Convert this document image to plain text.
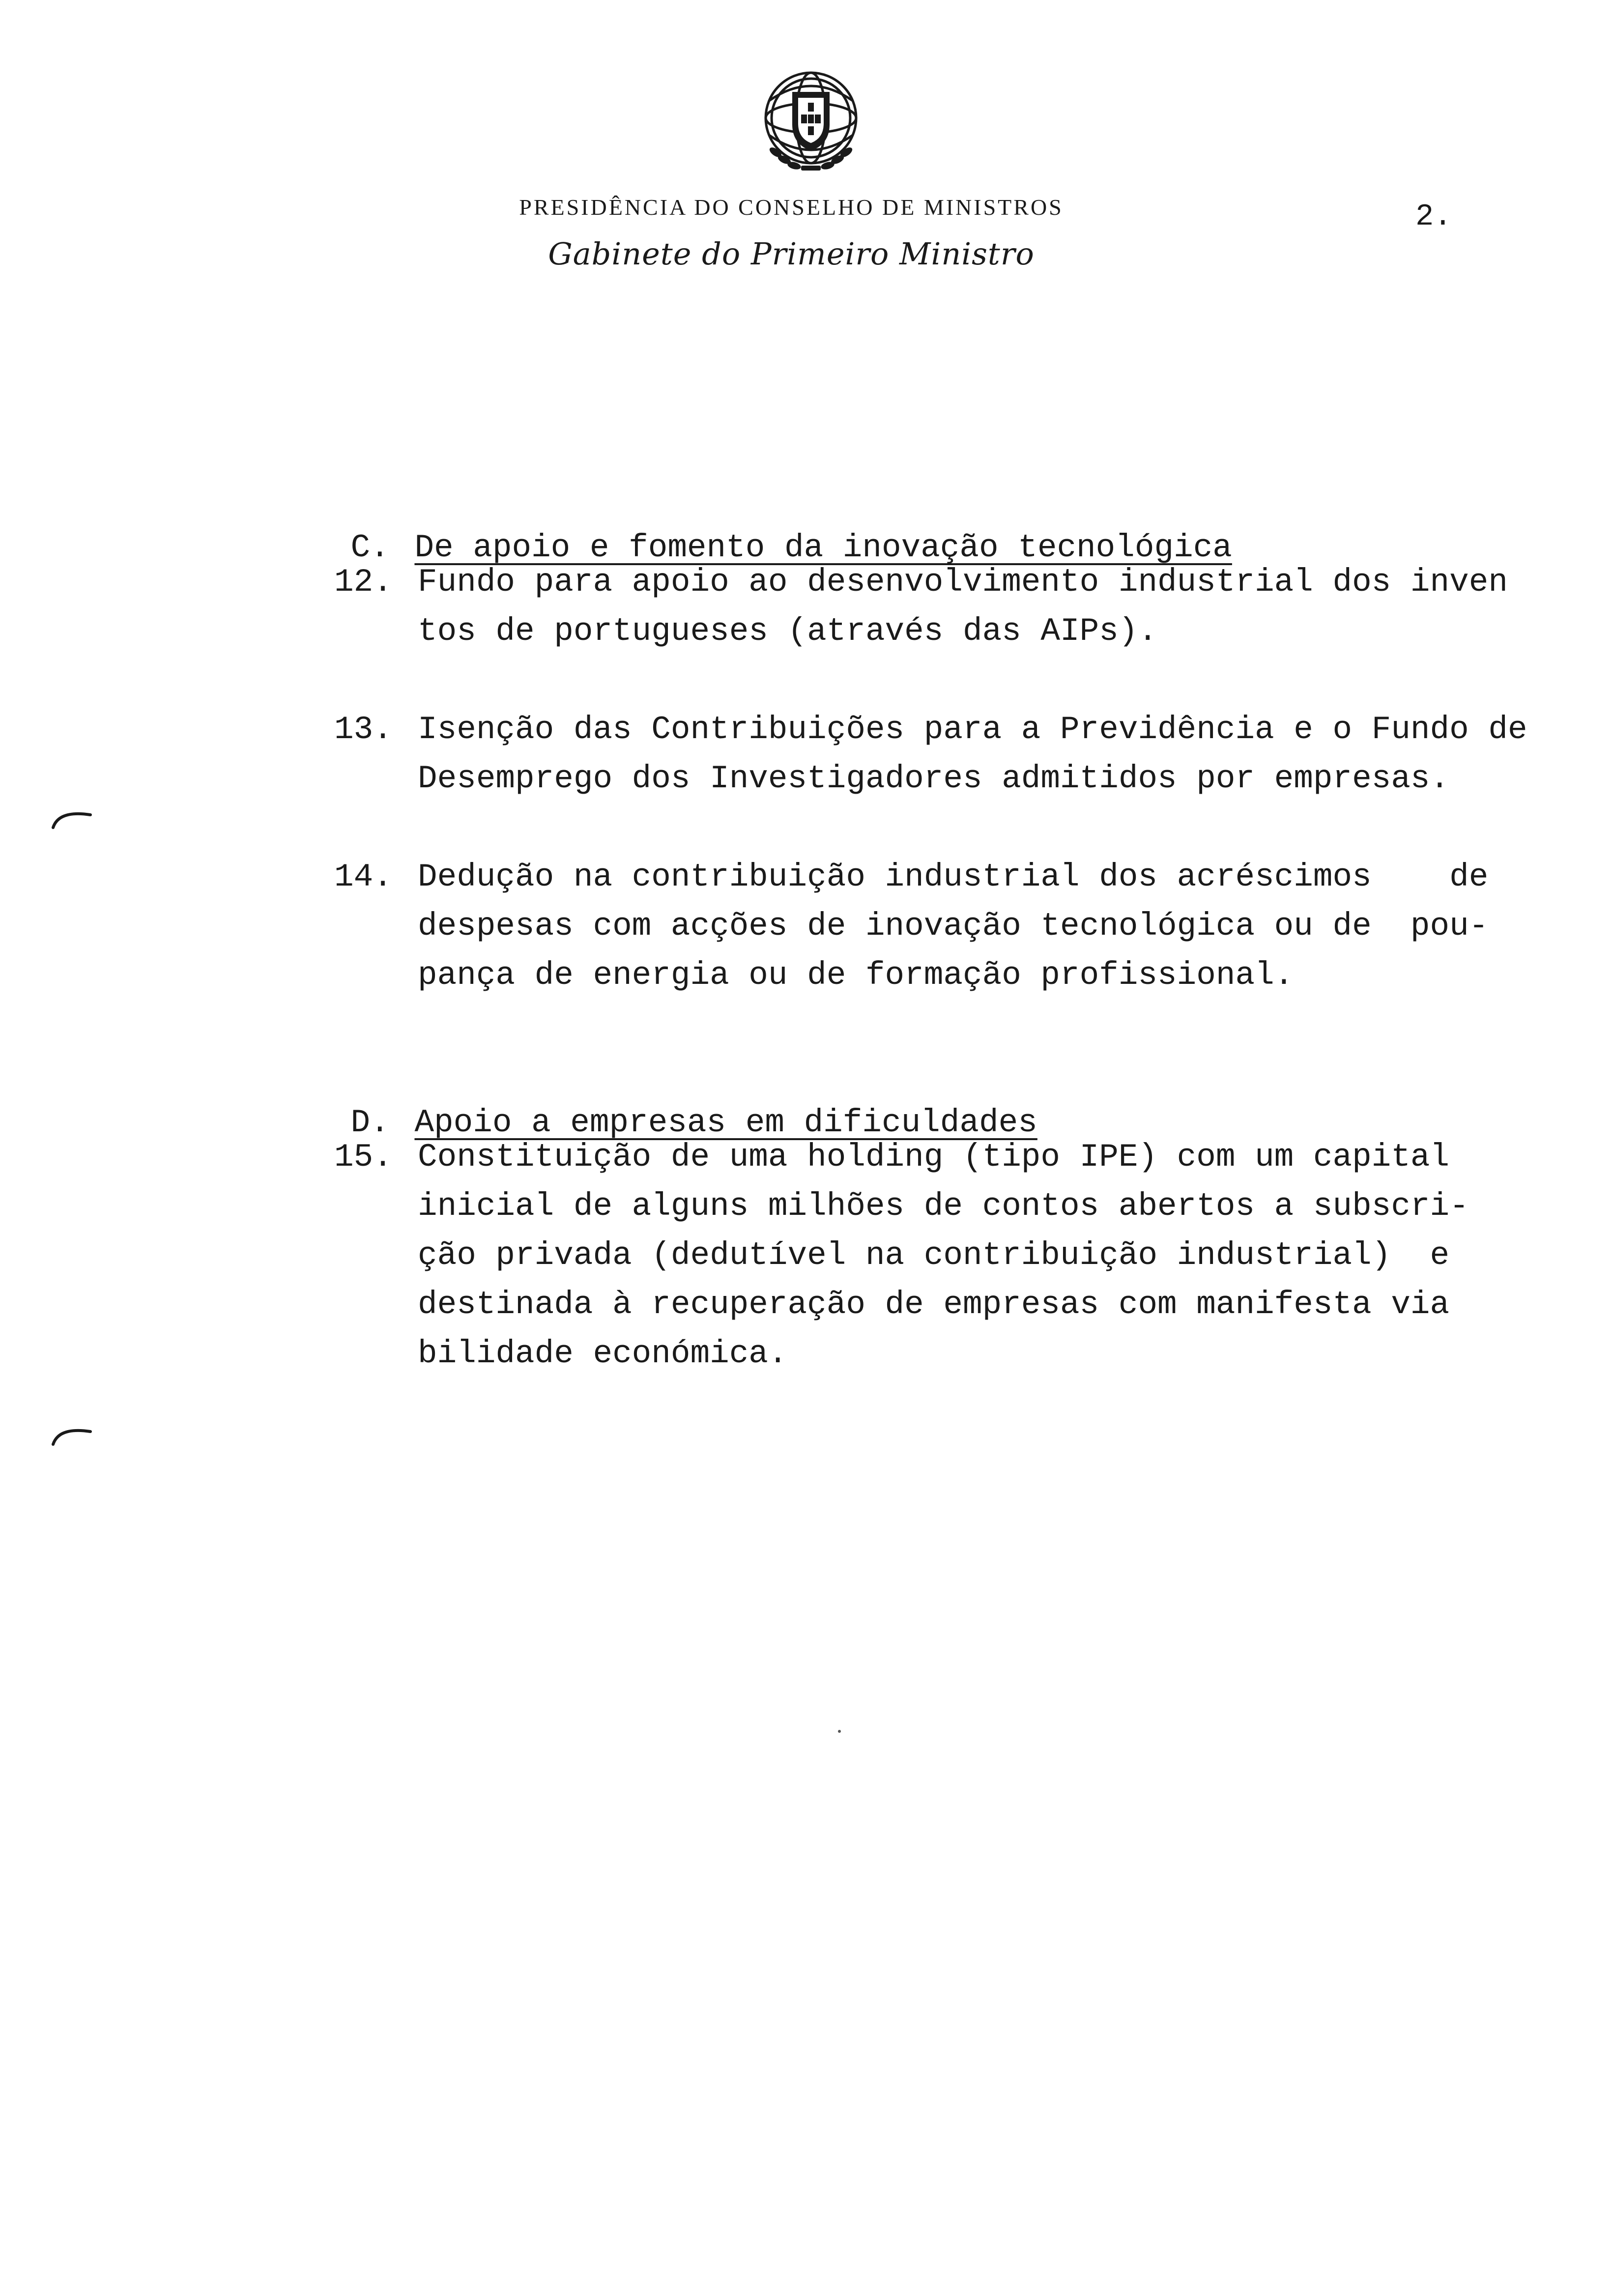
PRESIDÊNCIA DO CONSELHO DE MINISTROS
Gabinete do Primeiro Ministro
2.

C. De apoio e fomento da inovação tecnológica

12. Fundo para apoio ao desenvolvimento industrial dos inven
tos de portugueses (através das AIPs).
13. Isenção das Contribuições para a Previdência e o Fundo de
Desemprego dos Investigadores admitidos por empresas.
14. Dedução na contribuição industrial dos acréscimos    de
despesas com acções de inovação tecnológica ou de  pou-
pança de energia ou de formação profissional.

D. Apoio a empresas em dificuldades

15. Constituição de uma holding (tipo IPE) com um capital
inicial de alguns milhões de contos abertos a subscri-
ção privada (dedutível na contribuição industrial)  e
destinada à recuperação de empresas com manifesta via
bilidade económica.
